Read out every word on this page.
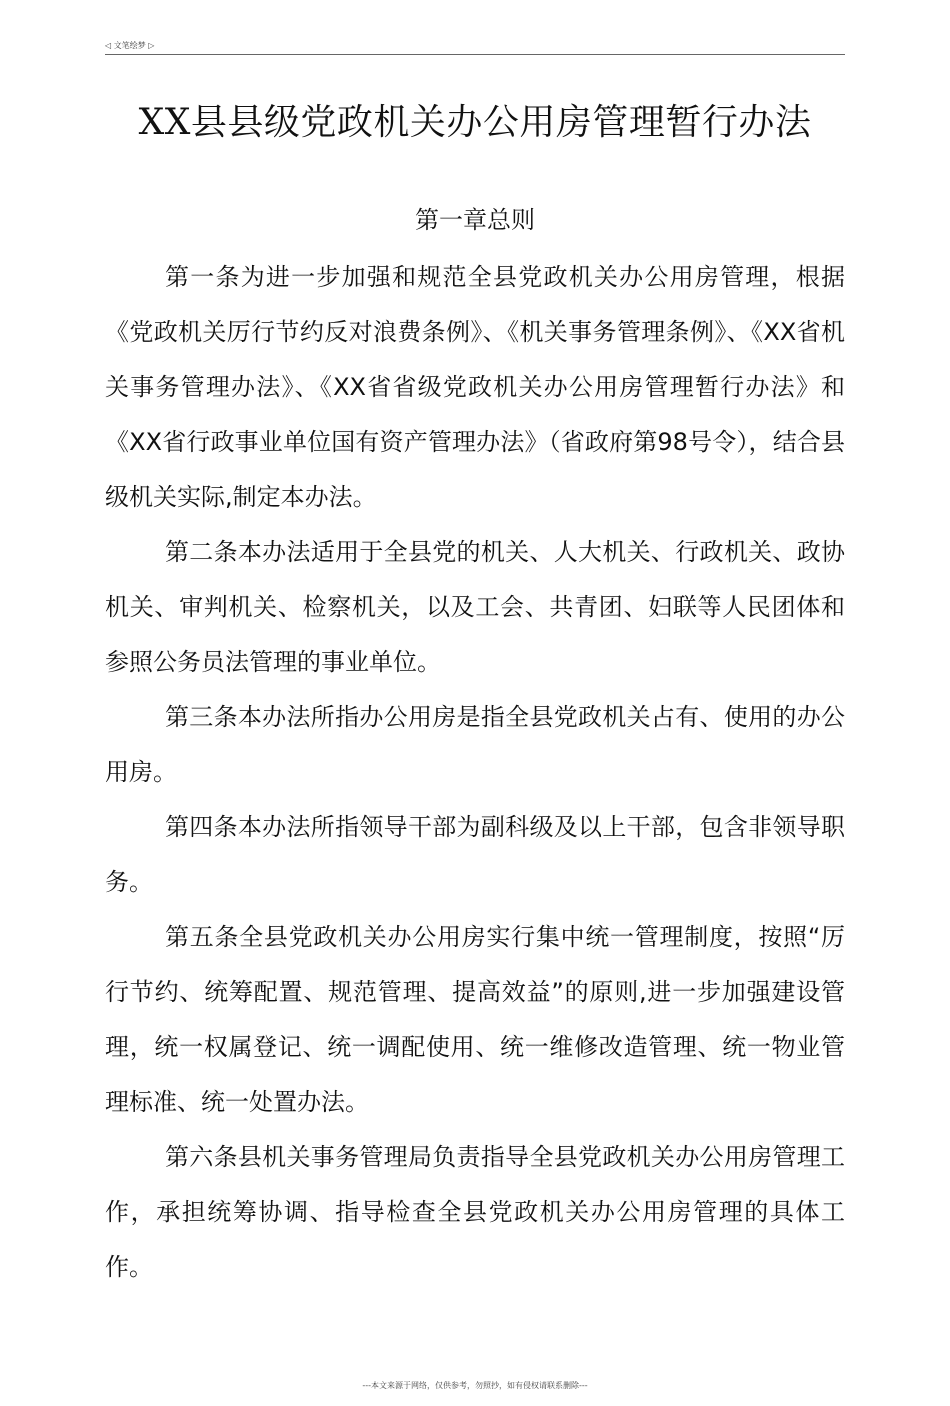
◁ 文笔绘梦 ▷
XX县县级党政机关办公用房管理暂行办法
第一章总则

第一条为进一步加强和规范全县党政机关办公用房管理，根据《党政机关厉行节约反对浪费条例》、《机关事务管理条例》、《XX省机关事务管理办法》、《XX省省级党政机关办公用房管理暂行办法》和《XX省行政事业单位国有资产管理办法》（省政府第98号令），结合县级机关实际,制定本办法。

第二条本办法适用于全县党的机关、人大机关、行政机关、政协机关、审判机关、检察机关，以及工会、共青团、妇联等人民团体和参照公务员法管理的事业单位。

第三条本办法所指办公用房是指全县党政机关占有、使用的办公用房。

第四条本办法所指领导干部为副科级及以上干部，包含非领导职务。

第五条全县党政机关办公用房实行集中统一管理制度，按照“厉行节约、统筹配置、规范管理、提高效益”的原则,进一步加强建设管理，统一权属登记、统一调配使用、统一维修改造管理、统一物业管理标准、统一处置办法。

第六条县机关事务管理局负责指导全县党政机关办公用房管理工作，承担统筹协调、指导检查全县党政机关办公用房管理的具体工作。

---本文来源于网络，仅供参考，勿照抄，如有侵权请联系删除---
